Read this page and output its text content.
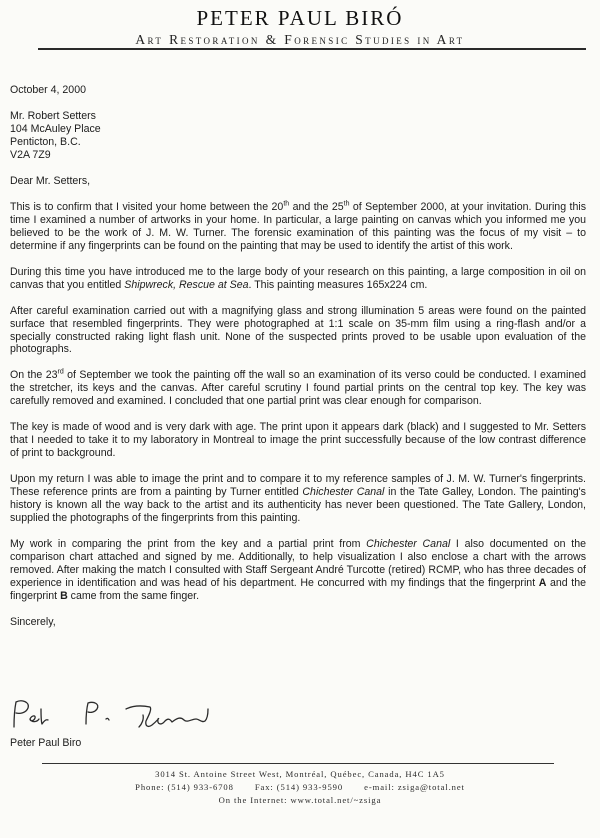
PETER PAUL BIRÓ
Art Restoration & Forensic Studies in Art

October 4, 2000

Mr. Robert Setters
104 McAuley Place
Penticton, B.C.
V2A 7Z9

Dear Mr. Setters,

This is to confirm that I visited your home between the 20th and the 25th of September 2000, at your invitation. During this time I examined a number of artworks in your home. In particular, a large painting on canvas which you informed me you believed to be the work of J. M. W. Turner. The forensic examination of this painting was the focus of my visit – to determine if any fingerprints can be found on the painting that may be used to identify the artist of this work.

During this time you have introduced me to the large body of your research on this painting, a large composition in oil on canvas that you entitled Shipwreck, Rescue at Sea. This painting measures 165x224 cm.

After careful examination carried out with a magnifying glass and strong illumination 5 areas were found on the painted surface that resembled fingerprints. They were photographed at 1:1 scale on 35-mm film using a ring-flash and/or a specially constructed raking light flash unit. None of the suspected prints proved to be usable upon evaluation of the photographs.

On the 23rd of September we took the painting off the wall so an examination of its verso could be conducted. I examined the stretcher, its keys and the canvas. After careful scrutiny I found partial prints on the central top key. The key was carefully removed and examined. I concluded that one partial print was clear enough for comparison.

The key is made of wood and is very dark with age. The print upon it appears dark (black) and I suggested to Mr. Setters that I needed to take it to my laboratory in Montreal to image the print successfully because of the low contrast difference of print to background.

Upon my return I was able to image the print and to compare it to my reference samples of J. M. W. Turner's fingerprints. These reference prints are from a painting by Turner entitled Chichester Canal in the Tate Galley, London. The painting's history is known all the way back to the artist and its authenticity has never been questioned. The Tate Gallery, London, supplied the photographs of the fingerprints from this painting.

My work in comparing the print from the key and a partial print from Chichester Canal I also documented on the comparison chart attached and signed by me. Additionally, to help visualization I also enclose a chart with the arrows removed. After making the match I consulted with Staff Sergeant André Turcotte (retired) RCMP, who has three decades of experience in identification and was head of his department. He concurred with my findings that the fingerprint A and the fingerprint B came from the same finger.

Sincerely,

Peter Paul Biro
3014 St. Antoine Street West, Montréal, Québec, Canada, H4C 1A5
Phone: (514) 933-6708 Fax: (514) 933-9590 e-mail: zsiga@total.net
On the Internet: www.total.net/~zsiga
